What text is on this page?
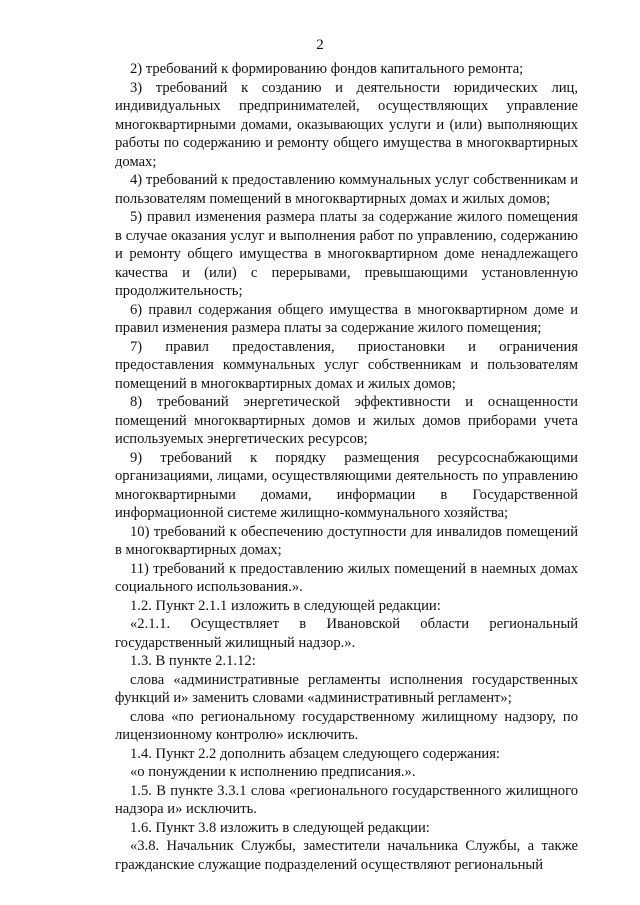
2

2) требований к формированию фондов капитального ремонта;

3) требований к созданию и деятельности юридических лиц, индивидуальных предпринимателей, осуществляющих управление многоквартирными домами, оказывающих услуги и (или) выполняющих работы по содержанию и ремонту общего имущества в многоквартирных домах;

4) требований к предоставлению коммунальных услуг собственникам и пользователям помещений в многоквартирных домах и жилых домов;

5) правил изменения размера платы за содержание жилого помещения в случае оказания услуг и выполнения работ по управлению, содержанию и ремонту общего имущества в многоквартирном доме ненадлежащего качества и (или) с перерывами, превышающими установленную продолжительность;

6) правил содержания общего имущества в многоквартирном доме и правил изменения размера платы за содержание жилого помещения;

7) правил предоставления, приостановки и ограничения предоставления коммунальных услуг собственникам и пользователям помещений в многоквартирных домах и жилых домов;

8) требований энергетической эффективности и оснащенности помещений многоквартирных домов и жилых домов приборами учета используемых энергетических ресурсов;

9) требований к порядку размещения ресурсоснабжающими организациями, лицами, осуществляющими деятельность по управлению многоквартирными домами, информации в Государственной информационной системе жилищно-коммунального хозяйства;

10) требований к обеспечению доступности для инвалидов помещений в многоквартирных домах;

11) требований к предоставлению жилых помещений в наемных домах социального использования.».

1.2. Пункт 2.1.1 изложить в следующей редакции:

«2.1.1. Осуществляет в Ивановской области региональный государственный жилищный надзор.».

1.3. В пункте 2.1.12:

слова «административные регламенты исполнения государственных функций и» заменить словами «административный регламент»;

слова «по региональному государственному жилищному надзору, по лицензионному контролю» исключить.

1.4. Пункт 2.2 дополнить абзацем следующего содержания:

«о понуждении к исполнению предписания.».

1.5. В пункте 3.3.1 слова «регионального государственного жилищного надзора и» исключить.

1.6. Пункт 3.8 изложить в следующей редакции:

«3.8. Начальник Службы, заместители начальника Службы, а также гражданские служащие подразделений осуществляют региональный
